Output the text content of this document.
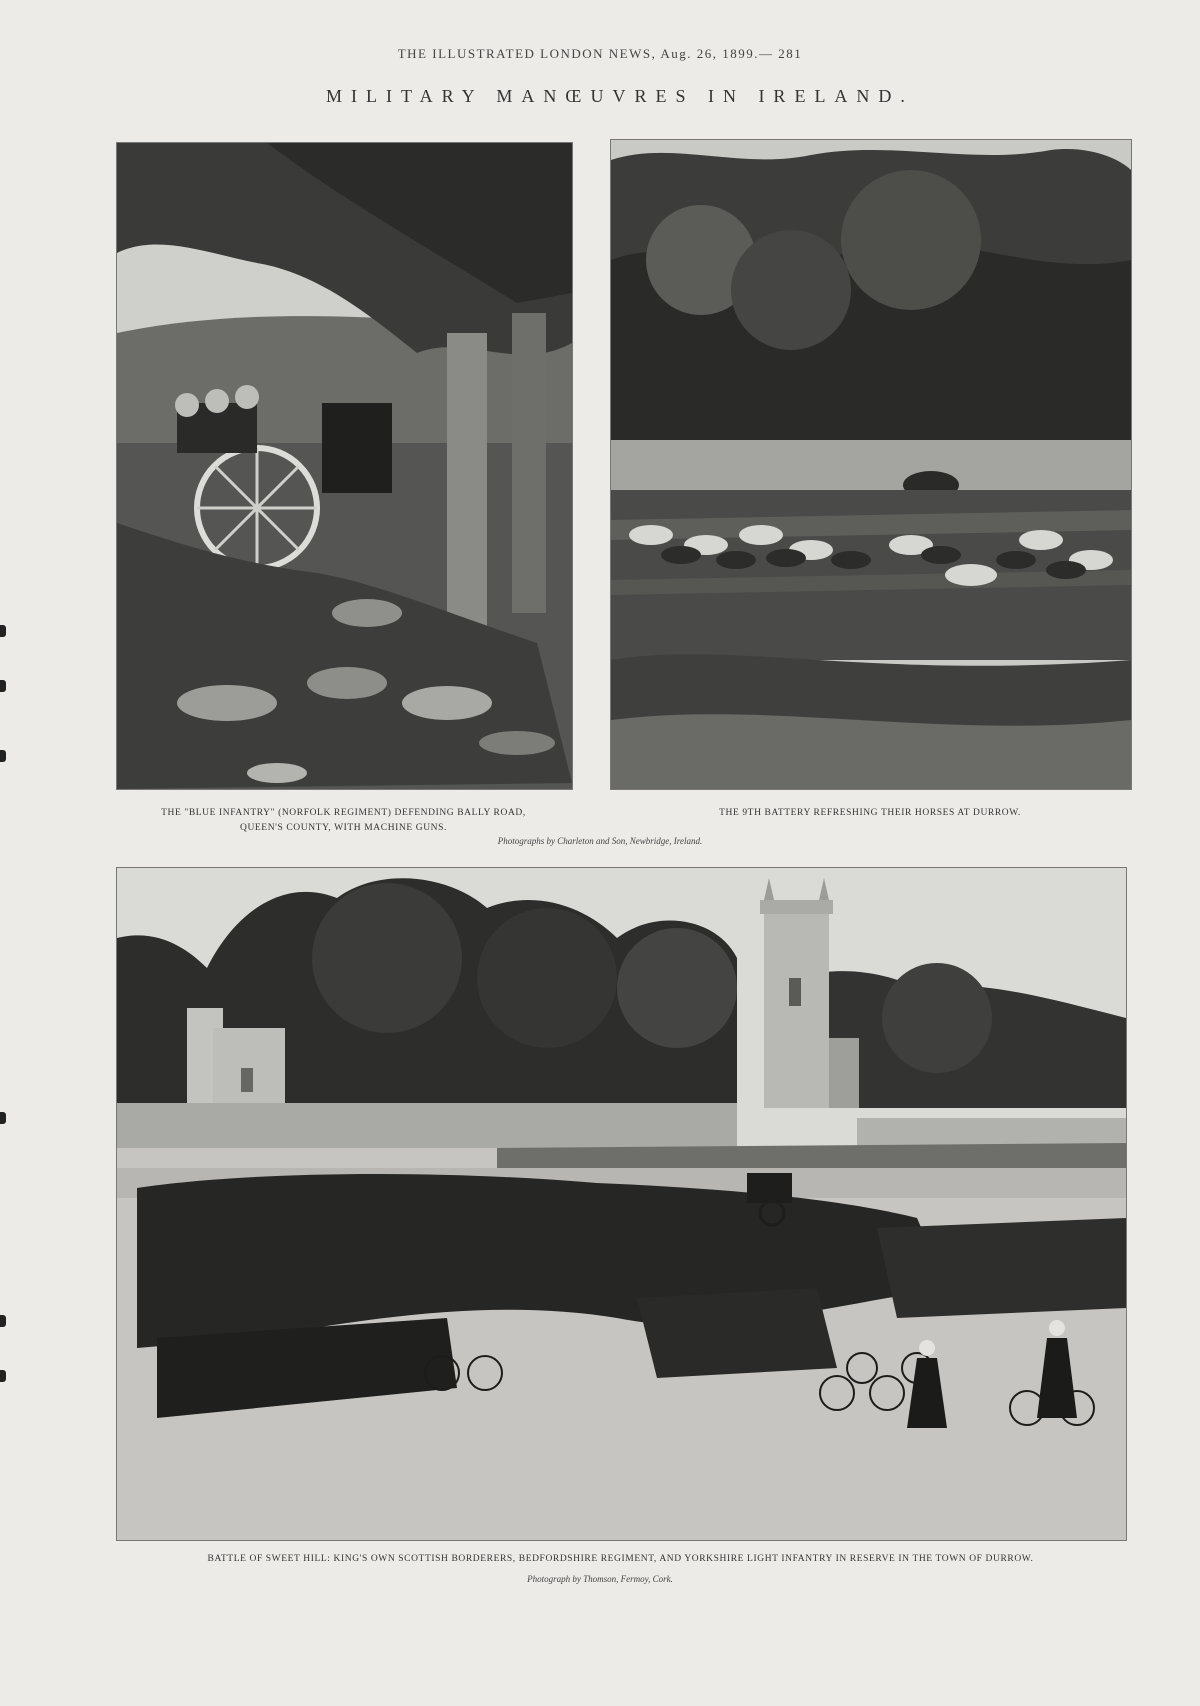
THE ILLUSTRATED LONDON NEWS, Aug. 26, 1899.— 281
MILITARY MANŒUVRES IN IRELAND.
THE "BLUE INFANTRY" (NORFOLK REGIMENT) DEFENDING BALLY ROAD,
QUEEN'S COUNTY, WITH MACHINE GUNS.
THE 9TH BATTERY REFRESHING THEIR HORSES AT DURROW.
Photographs by Charleton and Son, Newbridge, Ireland.
BATTLE OF SWEET HILL: KING'S OWN SCOTTISH BORDERERS, BEDFORDSHIRE REGIMENT, AND YORKSHIRE LIGHT INFANTRY IN RESERVE IN THE TOWN OF DURROW.
Photograph by Thomson, Fermoy, Cork.
